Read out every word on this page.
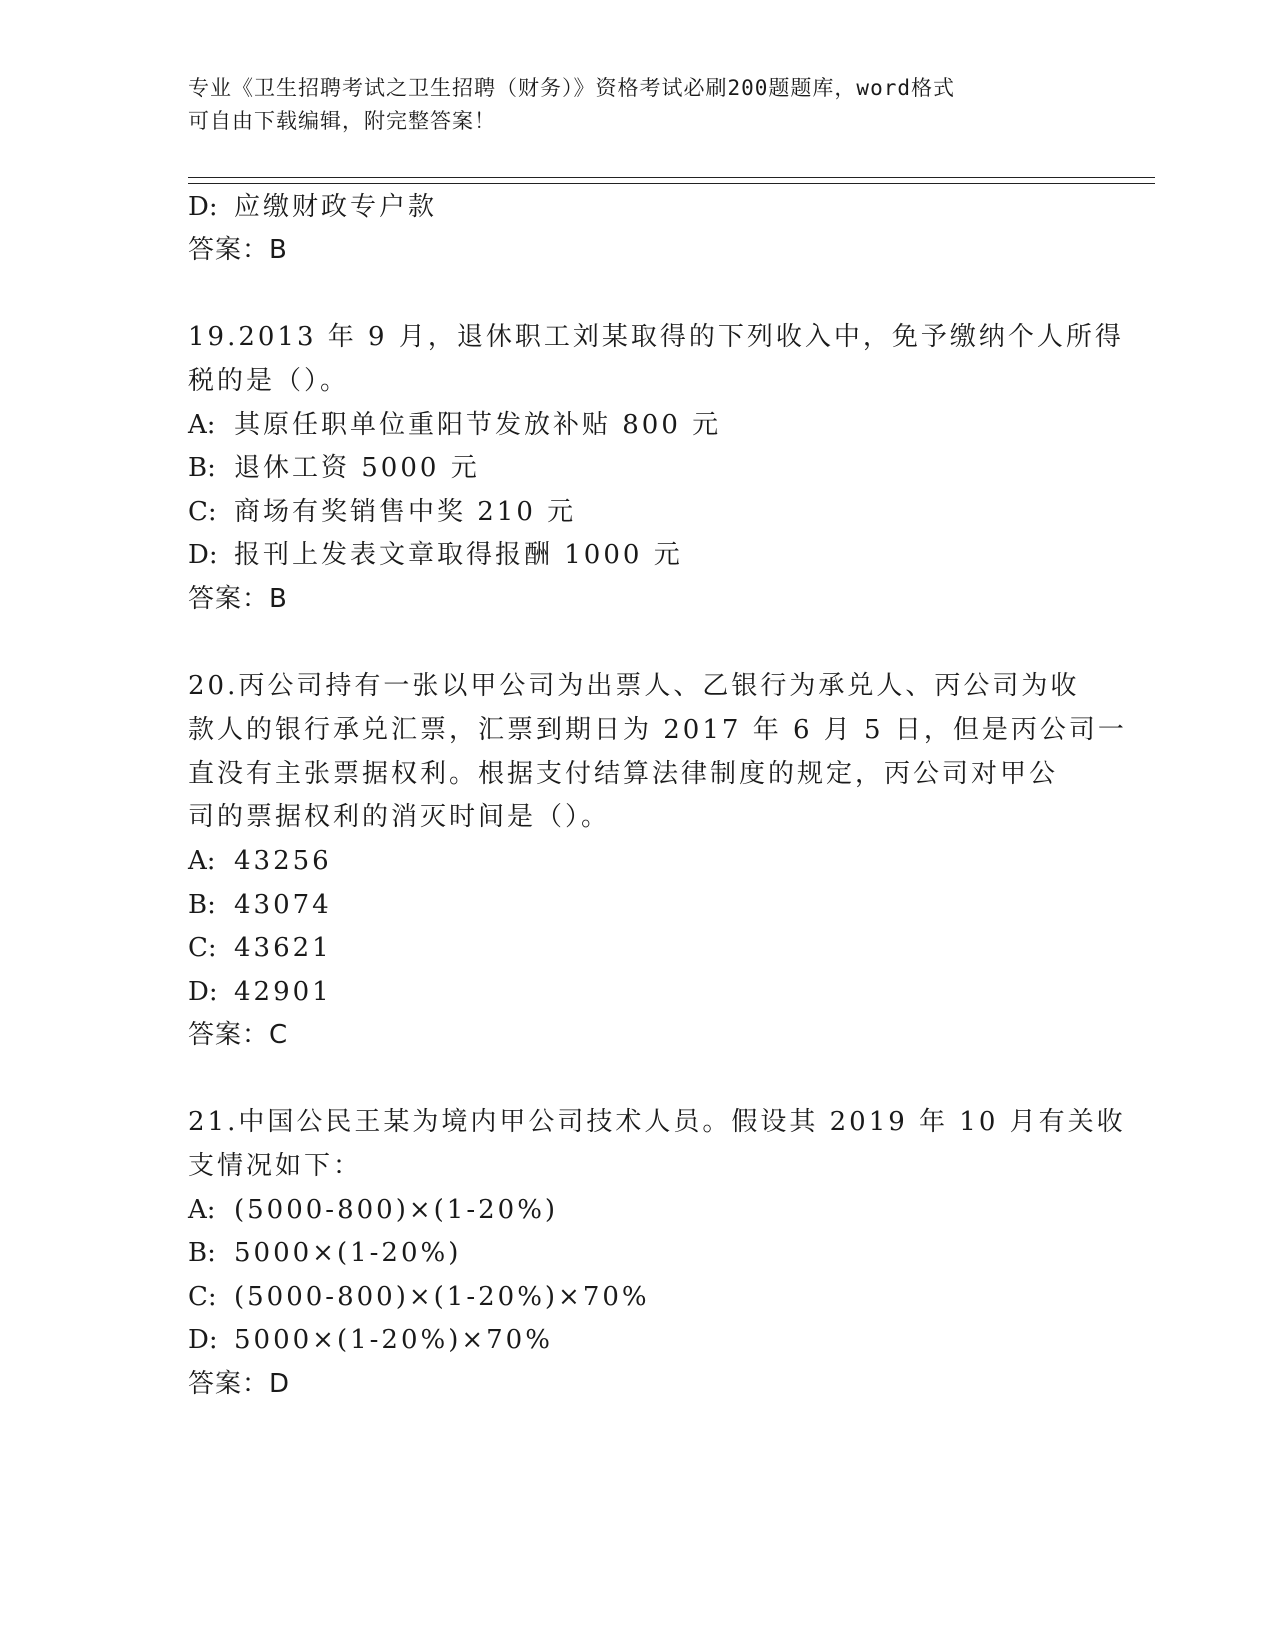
专业《卫生招聘考试之卫生招聘（财务）》资格考试必刷200题题库，word格式
可自由下载编辑，附完整答案！
D: 应缴财政专户款
答案：B
19.2013 年 9 月，退休职工刘某取得的下列收入中，免予缴纳个人所得
税的是（）。
A: 其原任职单位重阳节发放补贴 800 元
B: 退休工资 5000 元
C: 商场有奖销售中奖 210 元
D: 报刊上发表文章取得报酬 1000 元
答案：B
20.丙公司持有一张以甲公司为出票人、乙银行为承兑人、丙公司为收
款人的银行承兑汇票，汇票到期日为 2017 年 6 月 5 日，但是丙公司一
直没有主张票据权利。根据支付结算法律制度的规定，丙公司对甲公
司的票据权利的消灭时间是（）。
A: 43256
B: 43074
C: 43621
D: 42901
答案：C
21.中国公民王某为境内甲公司技术人员。假设其 2019 年 10 月有关收
支情况如下：
A: (5000-800)×(1-20%)
B: 5000×(1-20%)
C: (5000-800)×(1-20%)×70%
D: 5000×(1-20%)×70%
答案：D
